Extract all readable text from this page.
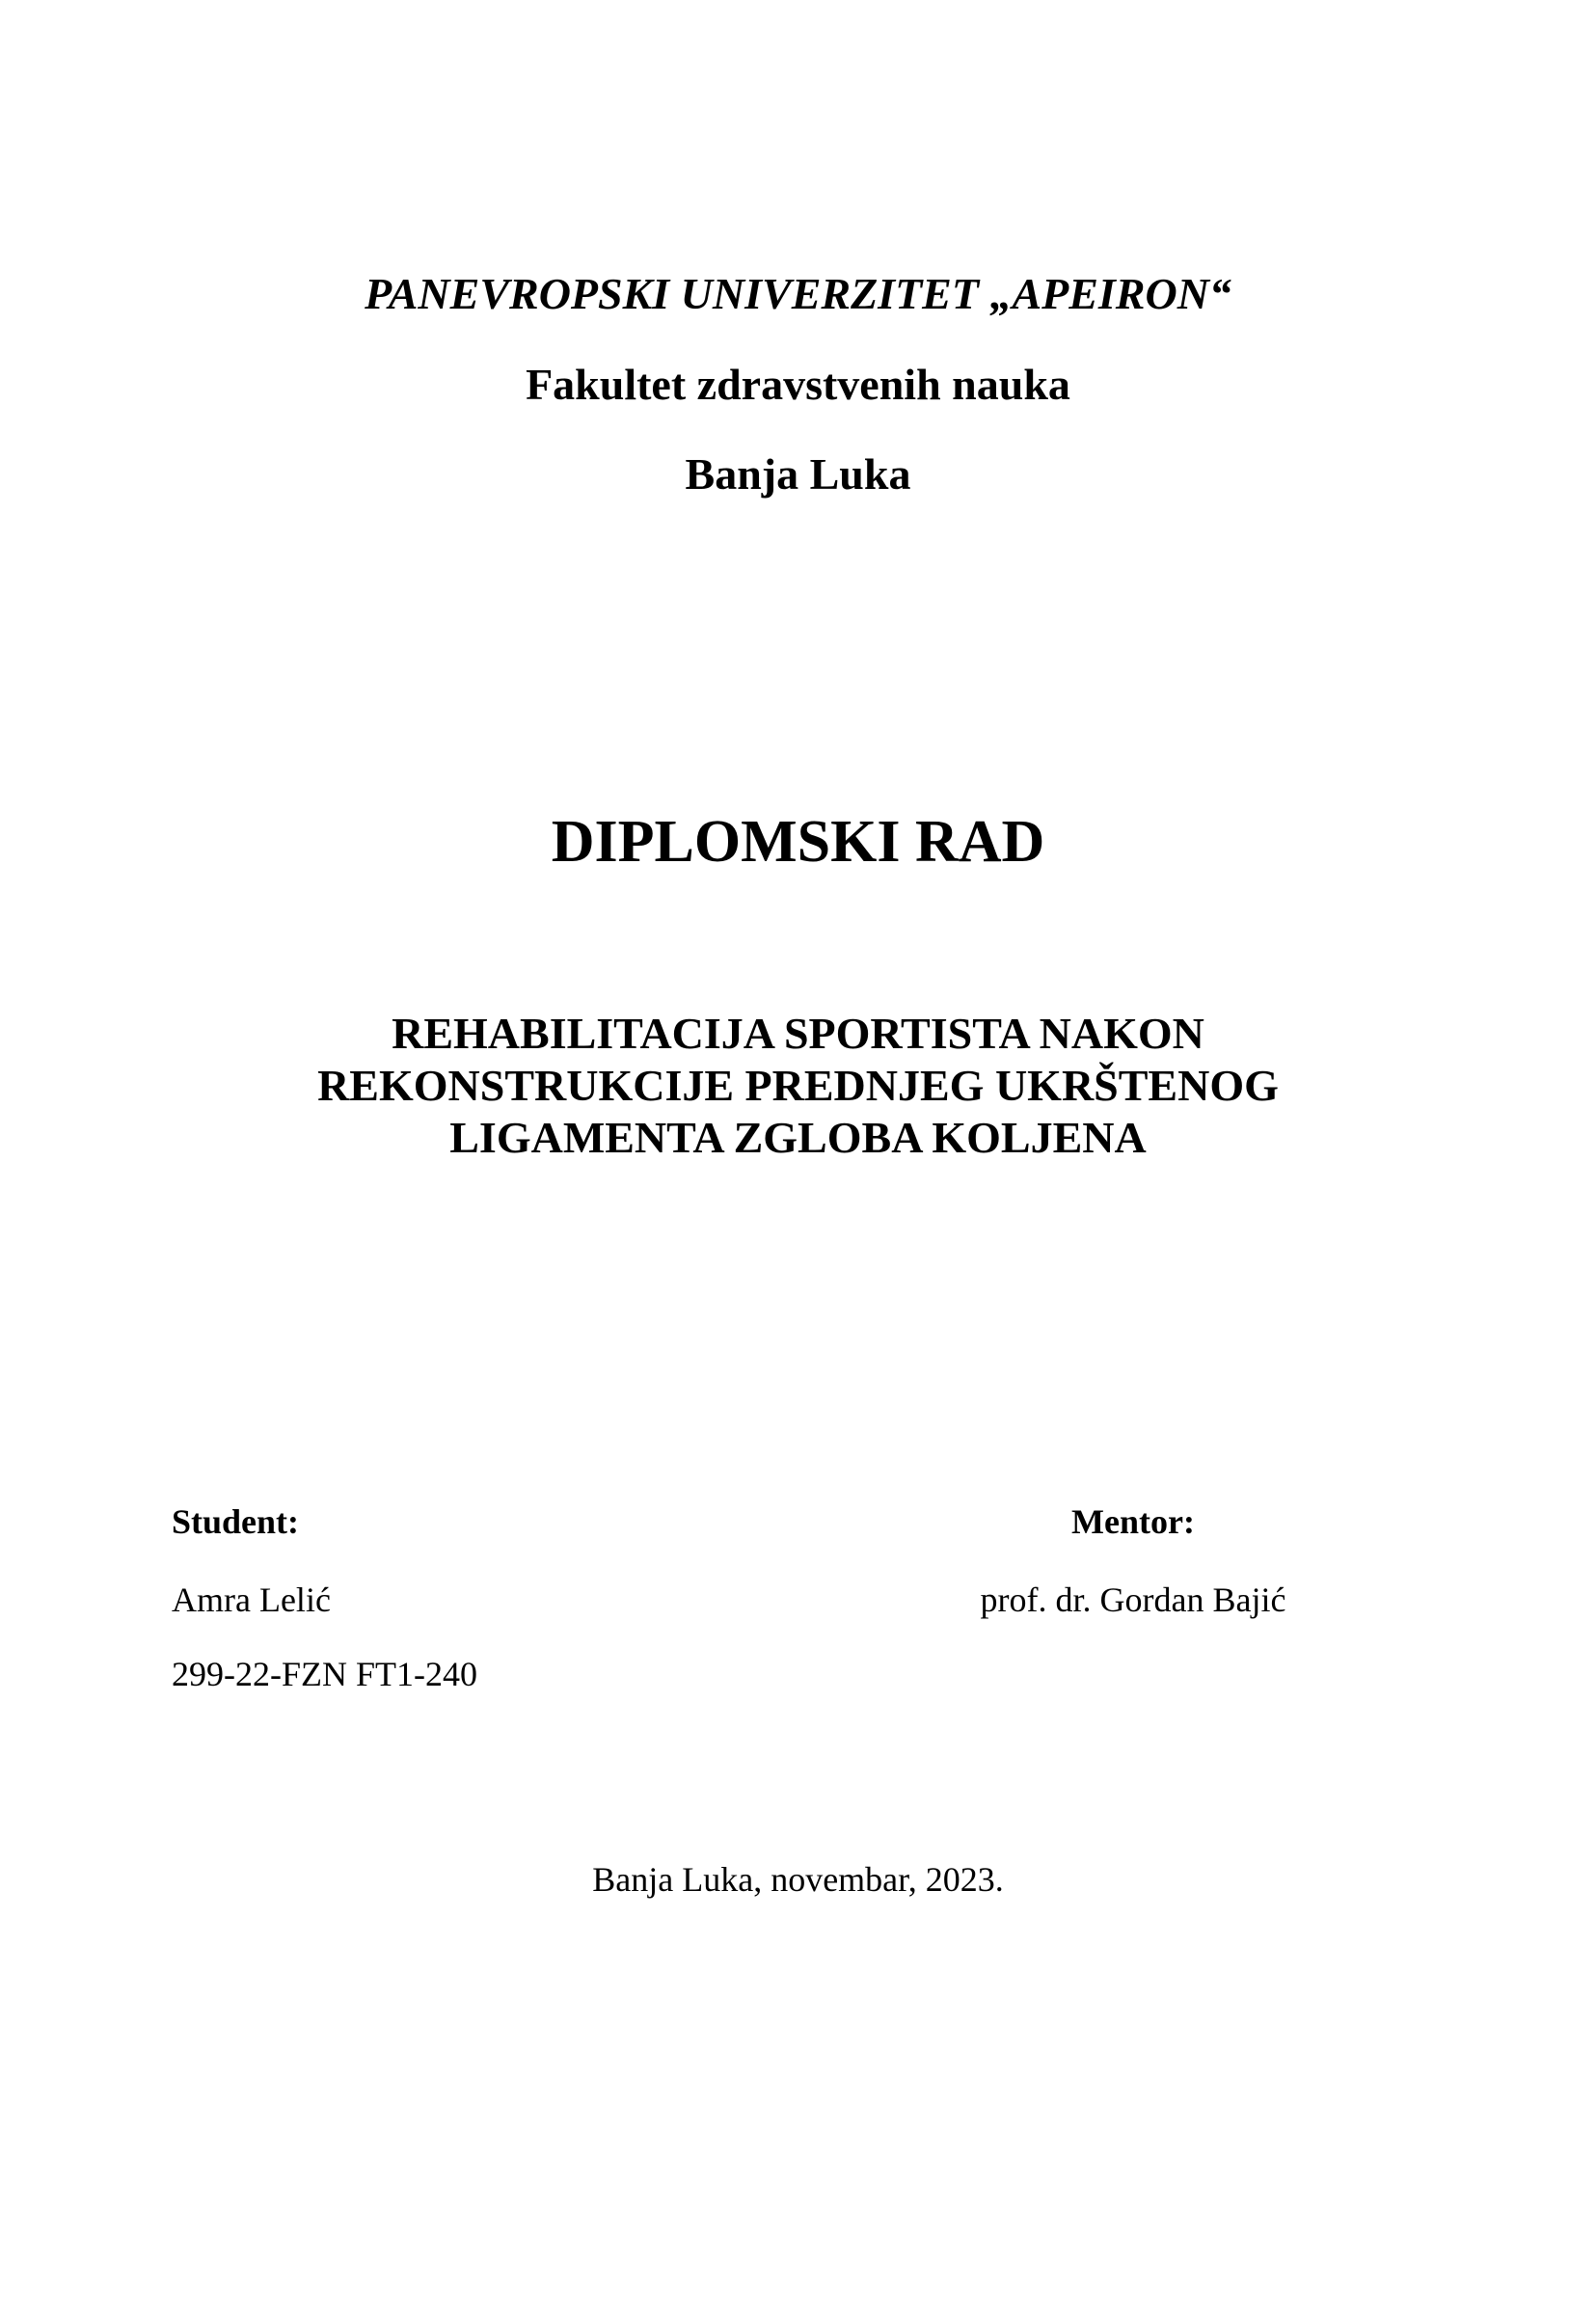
PANEVROPSKI UNIVERZITET „APEIRON“
Fakultet zdravstvenih nauka
Banja Luka
DIPLOMSKI RAD
REHABILITACIJA SPORTISTA NAKON
REKONSTRUKCIJE PREDNJEG UKRŠTENOG
LIGAMENTA ZGLOBA KOLJENA
Student:
Amra Lelić
299-22-FZN FT1-240
Mentor:
prof. dr. Gordan Bajić
Banja Luka, novembar, 2023.
